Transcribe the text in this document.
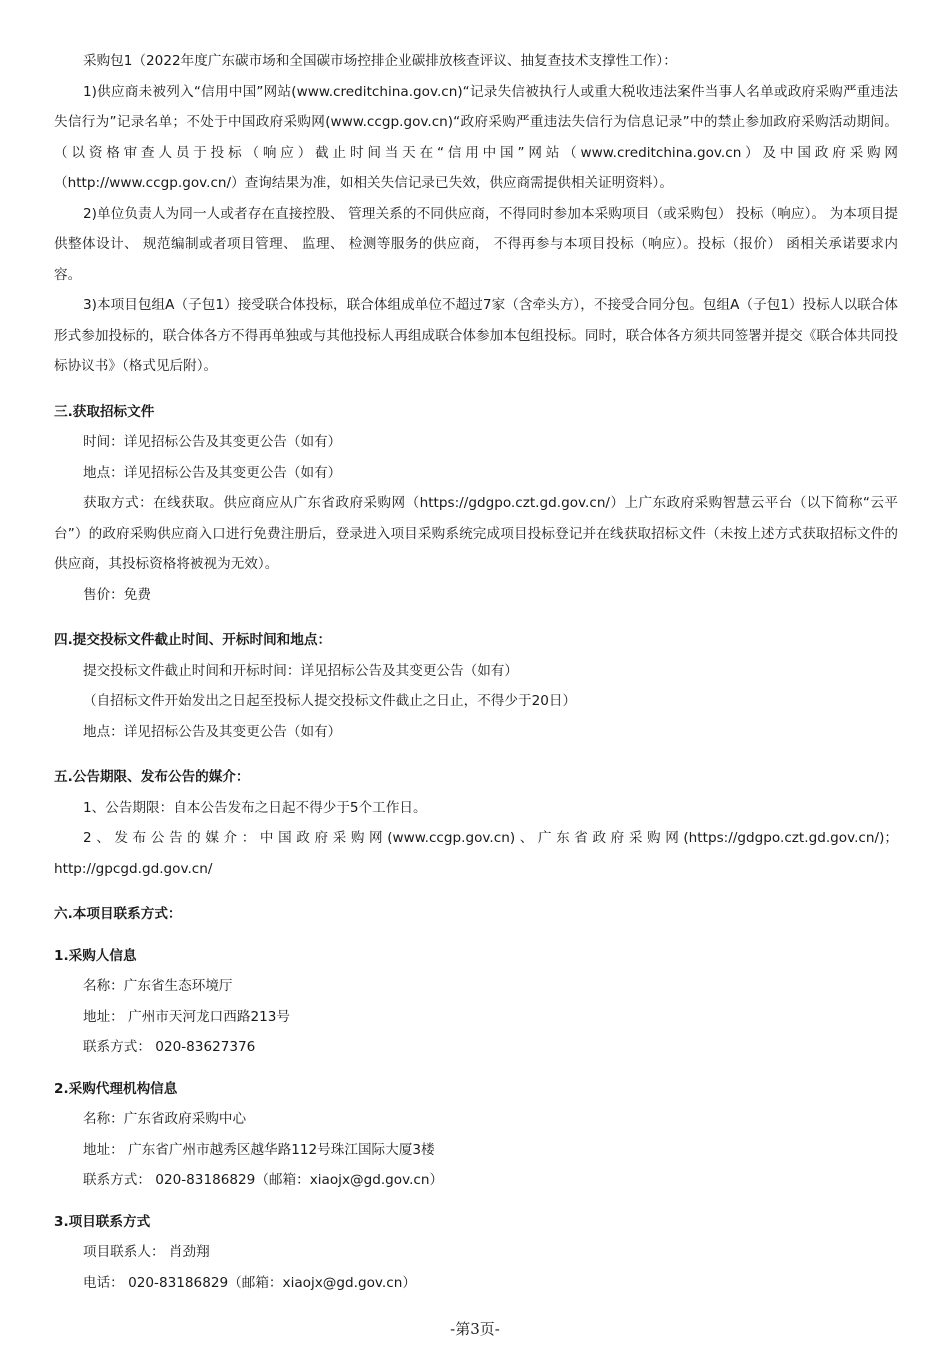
采购包1（2022年度广东碳市场和全国碳市场控排企业碳排放核查评议、抽复查技术支撑性工作）：

1)供应商未被列入“信用中国”网站(www.creditchina.gov.cn)“记录失信被执行人或重大税收违法案件当事人名单或政府采购严重违法失信行为”记录名单；不处于中国政府采购网(www.ccgp.gov.cn)“政府采购严重违法失信行为信息记录”中的禁止参加政府采购活动期间。（以资格审查人员于投标（响应）截止时间当天在“信用中国”网站（www.creditchina.gov.cn）及中国政府采购网（http://www.ccgp.gov.cn/）查询结果为准，如相关失信记录已失效，供应商需提供相关证明资料）。

2)单位负责人为同一人或者存在直接控股、 管理关系的不同供应商，不得同时参加本采购项目（或采购包） 投标（响应）。 为本项目提供整体设计、 规范编制或者项目管理、 监理、 检测等服务的供应商， 不得再参与本项目投标（响应）。投标（报价） 函相关承诺要求内容。

3)本项目包组A（子包1）接受联合体投标，联合体组成单位不超过7家（含牵头方），不接受合同分包。包组A（子包1）投标人以联合体形式参加投标的，联合体各方不得再单独或与其他投标人再组成联合体参加本包组投标。同时，联合体各方须共同签署并提交《联合体共同投标协议书》（格式见后附）。

三.获取招标文件

时间：详见招标公告及其变更公告（如有）

地点：详见招标公告及其变更公告（如有）

获取方式：在线获取。供应商应从广东省政府采购网（https://gdgpo.czt.gd.gov.cn/）上广东政府采购智慧云平台（以下简称“云平台”）的政府采购供应商入口进行免费注册后，登录进入项目采购系统完成项目投标登记并在线获取招标文件（未按上述方式获取招标文件的供应商，其投标资格将被视为无效）。

售价：免费

四.提交投标文件截止时间、开标时间和地点：

提交投标文件截止时间和开标时间：详见招标公告及其变更公告（如有）

（自招标文件开始发出之日起至投标人提交投标文件截止之日止，不得少于20日）

地点：详见招标公告及其变更公告（如有）

五.公告期限、发布公告的媒介：

1、公告期限：自本公告发布之日起不得少于5个工作日。

2、发布公告的媒介：中国政府采购网(www.ccgp.gov.cn)、广东省政府采购网(https://gdgpo.czt.gd.gov.cn/)；http://gpcgd.gd.gov.cn/

六.本项目联系方式：
1.采购人信息

名称：广东省生态环境厅

地址： 广州市天河龙口西路213号

联系方式： 020-83627376

2.采购代理机构信息

名称：广东省政府采购中心

地址： 广东省广州市越秀区越华路112号珠江国际大厦3楼

联系方式： 020-83186829（邮箱：xiaojx@gd.gov.cn）

3.项目联系方式

项目联系人： 肖劲翔

电话： 020-83186829（邮箱：xiaojx@gd.gov.cn）

-第3页-
